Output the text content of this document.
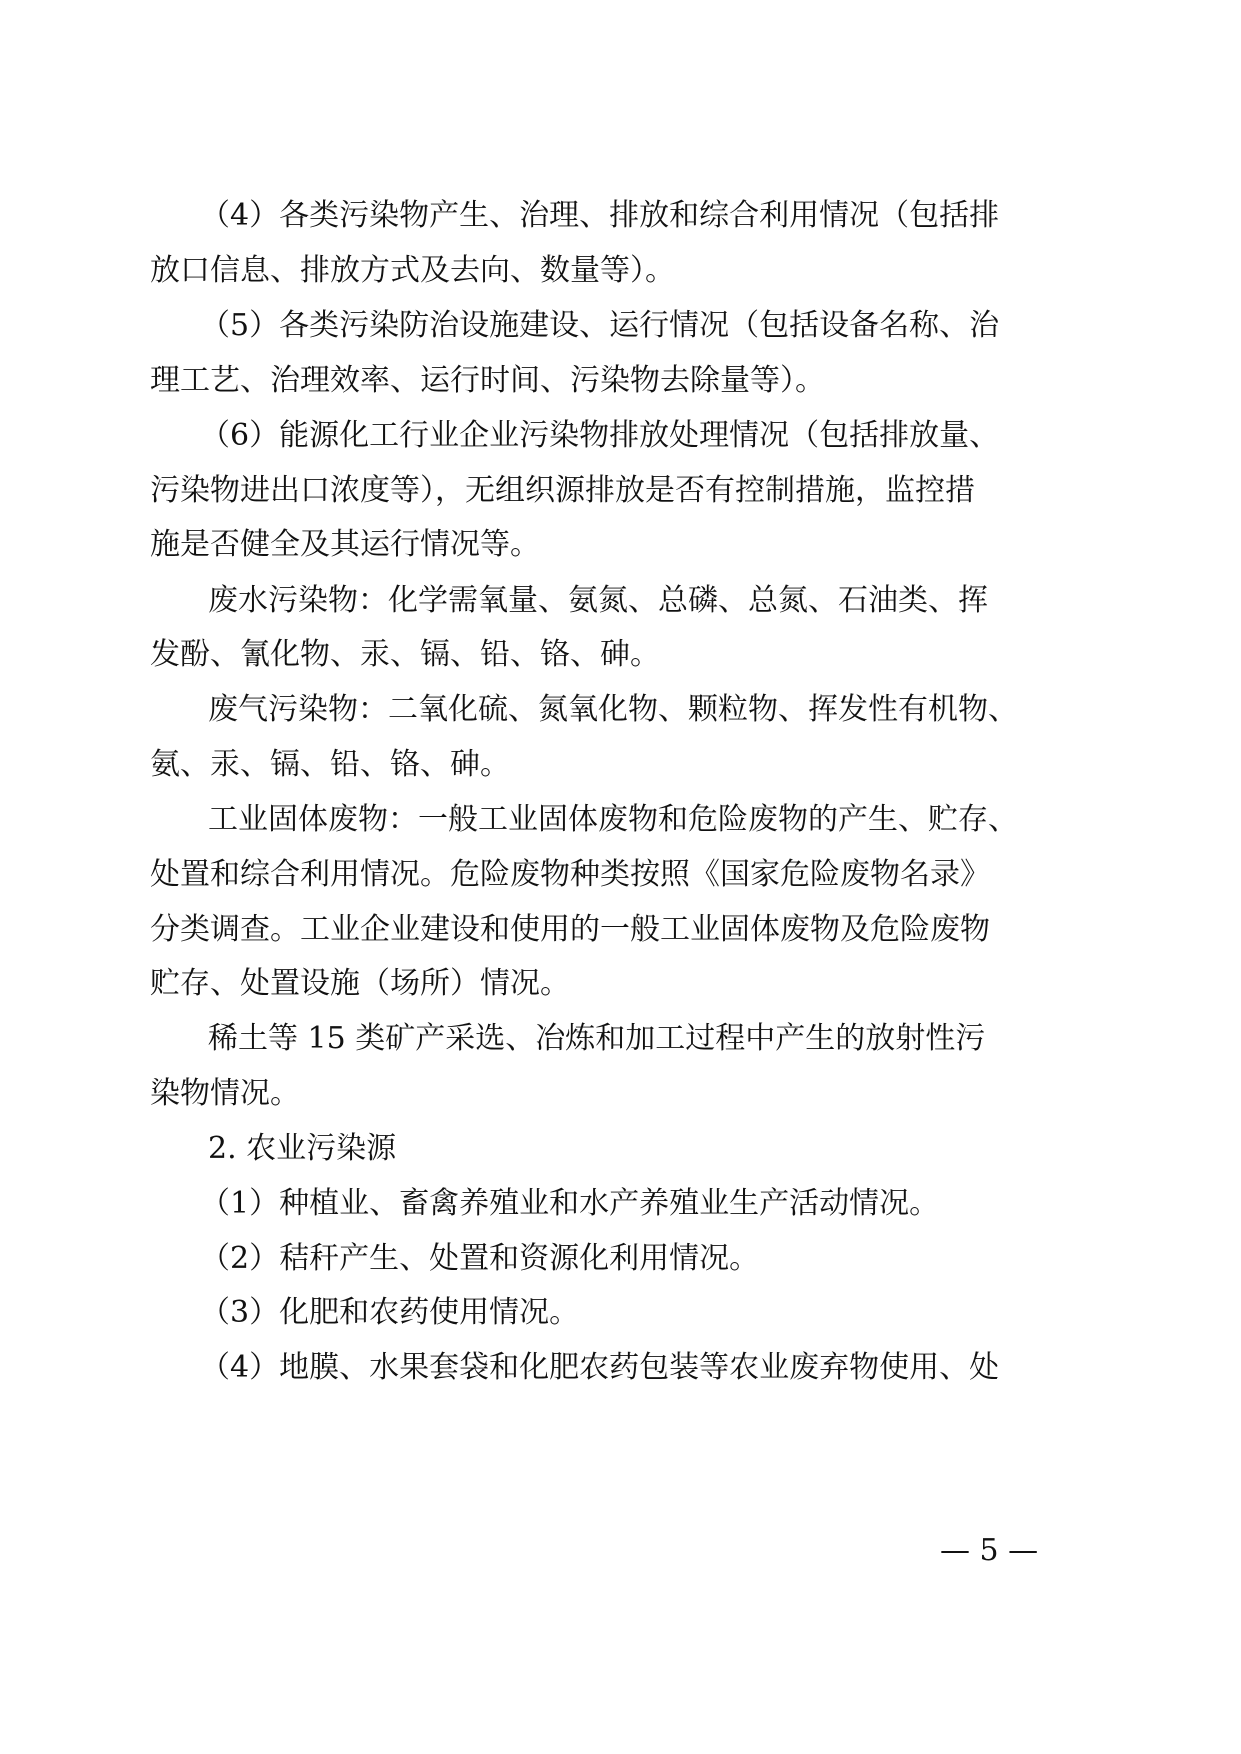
（4）各类污染物产生、治理、排放和综合利用情况（包括排
放口信息、排放方式及去向、数量等）。
（5）各类污染防治设施建设、运行情况（包括设备名称、治
理工艺、治理效率、运行时间、污染物去除量等）。
（6）能源化工行业企业污染物排放处理情况（包括排放量、
污染物进出口浓度等），无组织源排放是否有控制措施，监控措
施是否健全及其运行情况等。
废水污染物：化学需氧量、氨氮、总磷、总氮、石油类、挥
发酚、氰化物、汞、镉、铅、铬、砷。
废气污染物：二氧化硫、氮氧化物、颗粒物、挥发性有机物、
氨、汞、镉、铅、铬、砷。
工业固体废物：一般工业固体废物和危险废物的产生、贮存、
处置和综合利用情况。危险废物种类按照《国家危险废物名录》
分类调查。工业企业建设和使用的一般工业固体废物及危险废物
贮存、处置设施（场所）情况。
稀土等 15 类矿产采选、冶炼和加工过程中产生的放射性污
染物情况。
2. 农业污染源
（1）种植业、畜禽养殖业和水产养殖业生产活动情况。
（2）秸秆产生、处置和资源化利用情况。
（3）化肥和农药使用情况。
（4）地膜、水果套袋和化肥农药包装等农业废弃物使用、处
— 5 —
